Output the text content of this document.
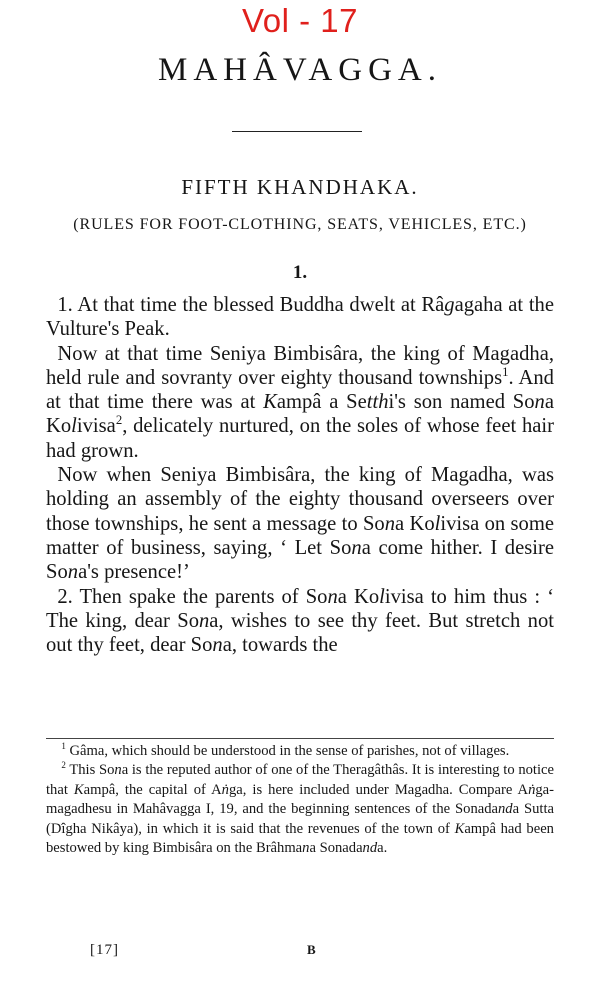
Vol - 17
MAHÂVAGGA.
FIFTH KHANDHAKA.
(RULES FOR FOOT-CLOTHING, SEATS, VEHICLES, ETC.)
1.

1. At that time the blessed Buddha dwelt at Râgagaha at the Vulture's Peak.

Now at that time Seniya Bimbisâra, the king of Magadha, held rule and sovranty over eighty thousand townships$^1$. And at that time there was at Kampâ a Setthi's son named Sona Kolivisa$^2$, delicately nurtured, on the soles of whose feet hair had grown.

Now when Seniya Bimbisâra, the king of Magadha, was holding an assembly of the eighty thousand overseers over those townships, he sent a message to Sona Kolivisa on some matter of business, saying, ‘ Let Sona come hither. I desire Sona's presence!’

2. Then spake the parents of Sona Kolivisa to him thus : ‘ The king, dear Sona, wishes to see thy feet. But stretch not out thy feet, dear Sona, towards the

$^1$ Gâma, which should be understood in the sense of parishes, not of villages.

$^2$ This Sona is the reputed author of one of the Theragâthâs. It is interesting to notice that Kampâ, the capital of Aṅga, is here included under Magadha. Compare Aṅga-magadhesu in Mahâvagga I, 19, and the beginning sentences of the Sonadanda Sutta (Dîgha Nikâya), in which it is said that the revenues of the town of Kampâ had been bestowed by king Bimbisâra on the Brâhmana Sonadanda.

[17]	B
